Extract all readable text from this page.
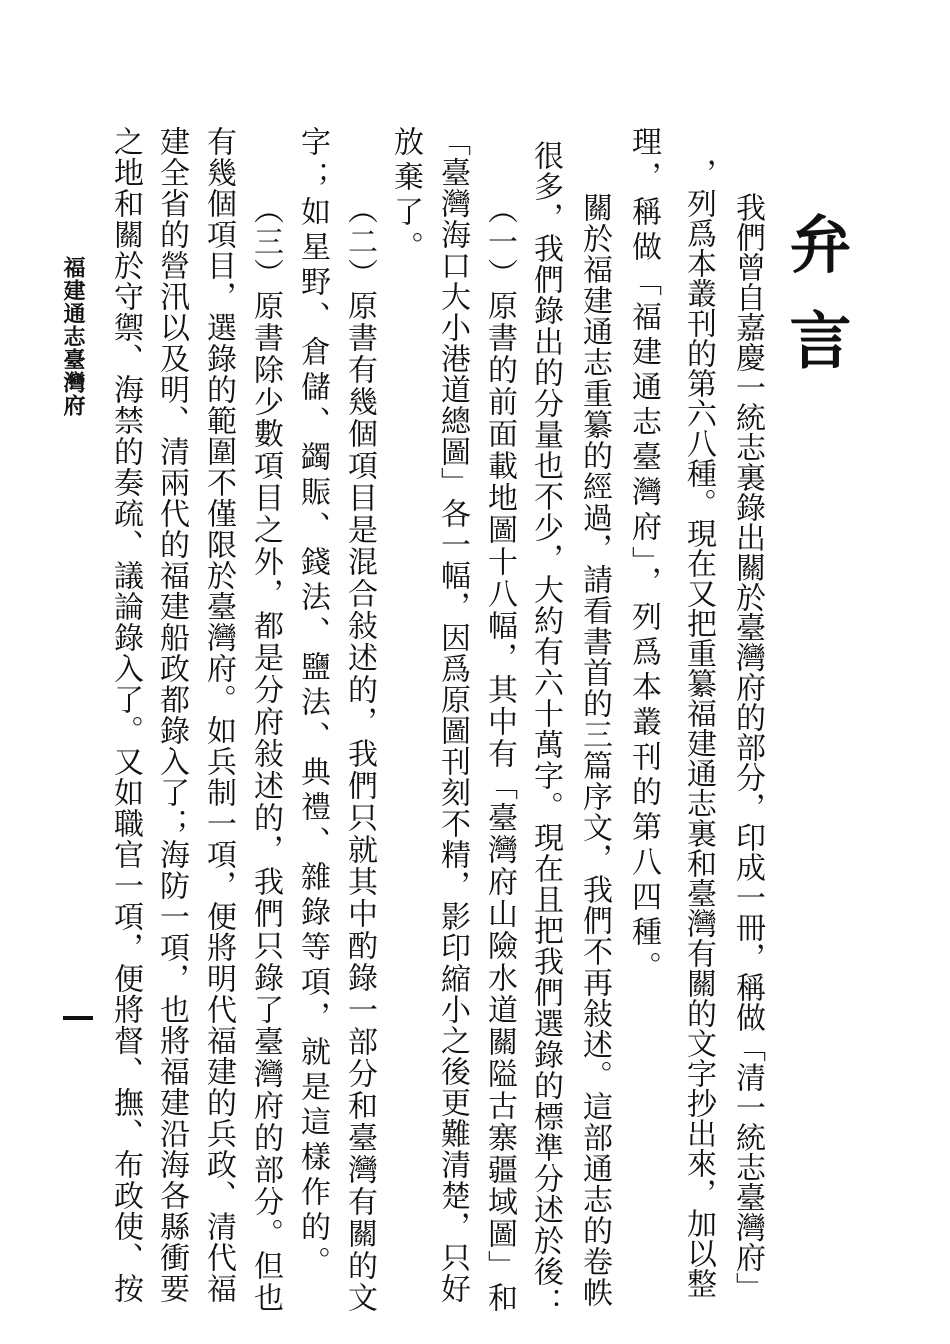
弁言
我們曾自嘉慶一統志裏錄出關於臺灣府的部分，印成一冊，稱做「清一統志臺灣府」
，列爲本叢刊的第六八種。現在又把重纂福建通志裏和臺灣有關的文字抄出來，加以整
理，稱做「福建通志臺灣府」，列爲本叢刊的第八四種。
關於福建通志重纂的經過，請看書首的三篇序文，我們不再敍述。這部通志的卷帙
很多，我們錄出的分量也不少，大約有六十萬字。現在且把我們選錄的標準分述於後：
（一）原書的前面載地圖十八幅，其中有「臺灣府山險水道關隘古寨疆域圖」和
「臺灣海口大小港道總圖」各一幅，因爲原圖刊刻不精，影印縮小之後更難清楚，只好
放棄了。
（二）原書有幾個項目是混合敍述的，我們只就其中酌錄一部分和臺灣有關的文
字；如星野、倉儲、蠲賑、錢法、鹽法、典禮、雜錄等項，就是這樣作的。
（三）原書除少數項目之外，都是分府敍述的，我們只錄了臺灣府的部分。但也
有幾個項目，選錄的範圍不僅限於臺灣府。如兵制一項，便將明代福建的兵政、清代福
建全省的營汛以及明、清兩代的福建船政都錄入了；海防一項，也將福建沿海各縣衝要
之地和關於守禦、海禁的奏疏、議論錄入了。又如職官一項，便將督、撫、布政使、按
福建通志臺灣府
